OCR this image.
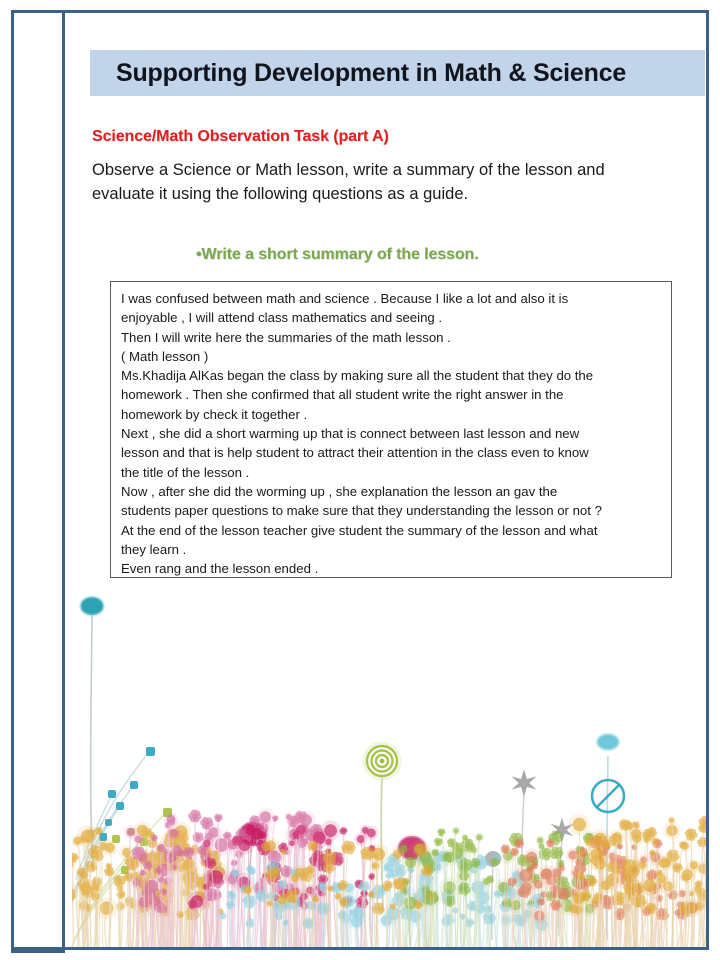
Supporting Development in Math & Science
Science/Math Observation Task (part A)
Observe a Science or Math lesson, write a summary of the lesson and evaluate it using the following questions as a guide.
•Write a short summary of the lesson.

I was confused between math and science . Because I like a lot and also it is

enjoyable , I will attend class mathematics and seeing .

Then I will write here the summaries of the math lesson .

( Math lesson )

Ms.Khadija AlKas began the class by making sure all the student that they do the

homework . Then she confirmed that all student write the right answer in the

homework by check it together .

Next , she did a short warming up that is connect between last lesson and new

lesson and that is help student to attract their attention in the class even to know

the title of the lesson .

Now , after she did the worming up , she explanation the lesson an gav the

students paper questions to make sure that they understanding the lesson or not ?

At the end of the lesson teacher give student the summary of the lesson and what

they learn .

Even rang and the lesson ended .
